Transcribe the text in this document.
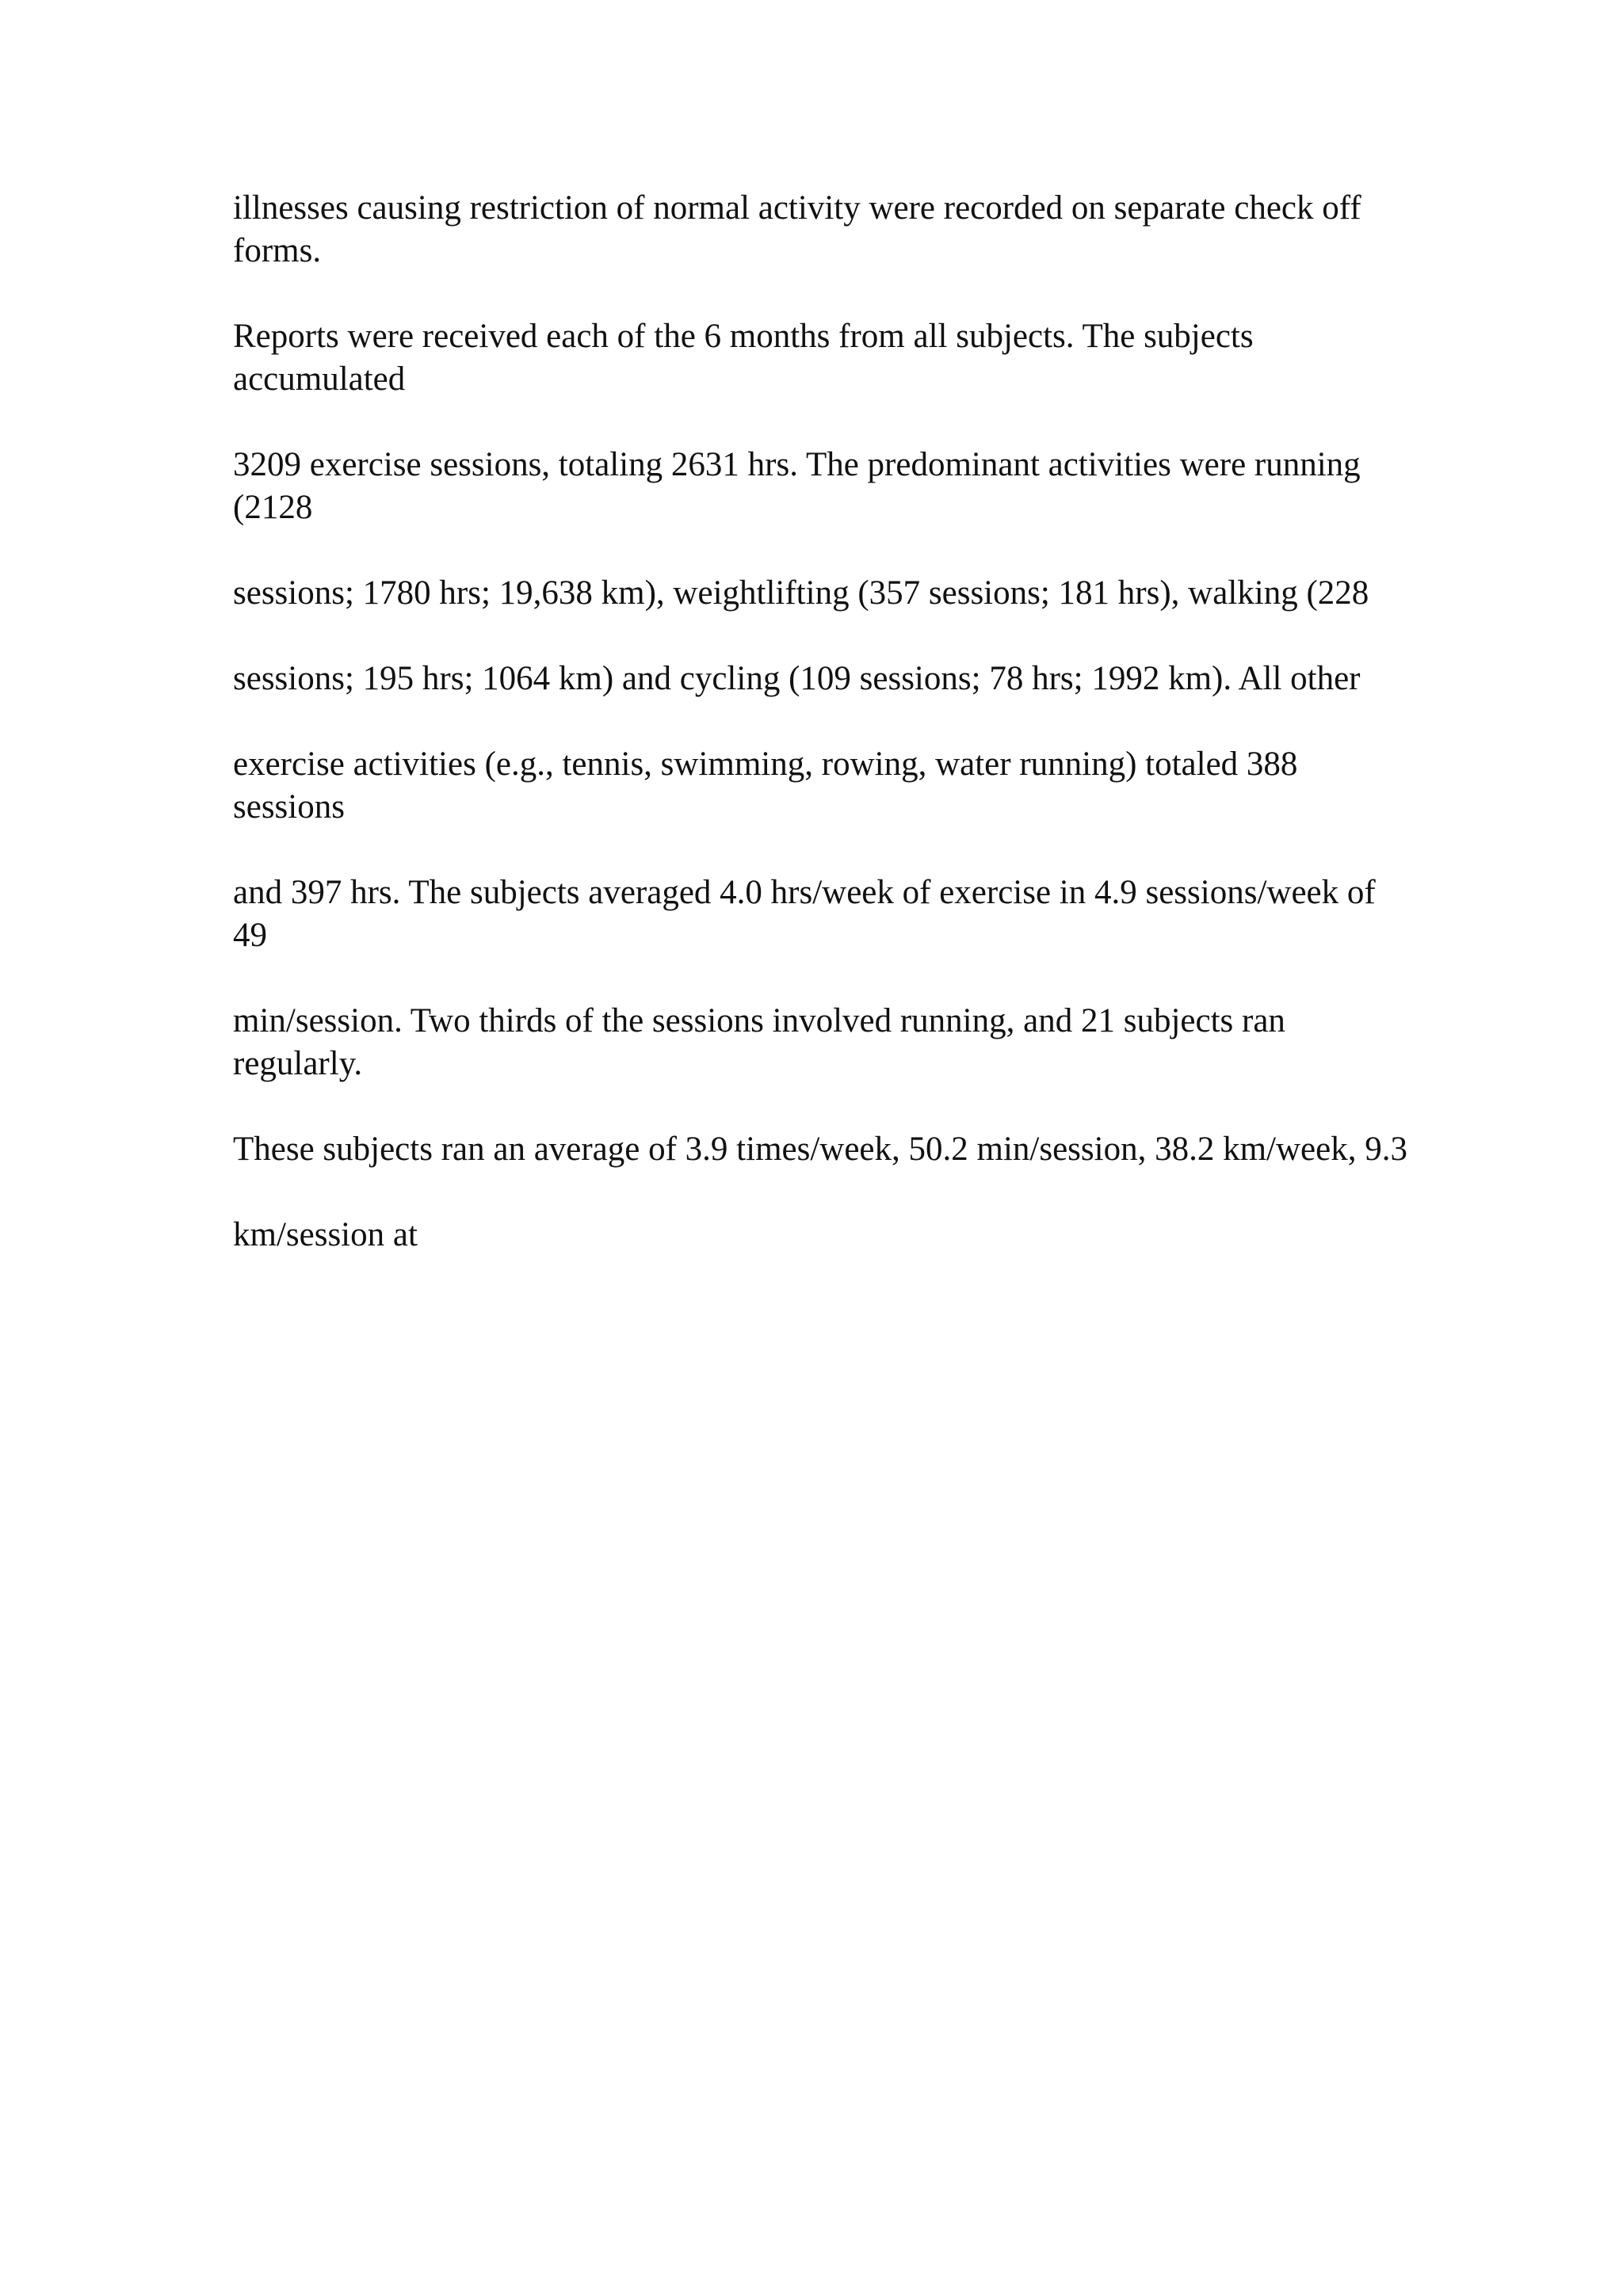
illnesses causing restriction of normal activity were recorded on separate check off
forms.

Reports were received each of the 6 months from all subjects. The subjects
accumulated

3209 exercise sessions, totaling 2631 hrs. The predominant activities were running
(2128

sessions; 1780 hrs; 19,638 km), weightlifting (357 sessions; 181 hrs), walking (228

sessions; 195 hrs; 1064 km) and cycling (109 sessions; 78 hrs; 1992 km). All other

exercise activities (e.g., tennis, swimming, rowing, water running) totaled 388
sessions

and 397 hrs. The subjects averaged 4.0 hrs/week of exercise in 4.9 sessions/week of
49

min/session. Two thirds of the sessions involved running, and 21 subjects ran
regularly.

These subjects ran an average of 3.9 times/week, 50.2 min/session, 38.2 km/week, 9.3

km/session at
